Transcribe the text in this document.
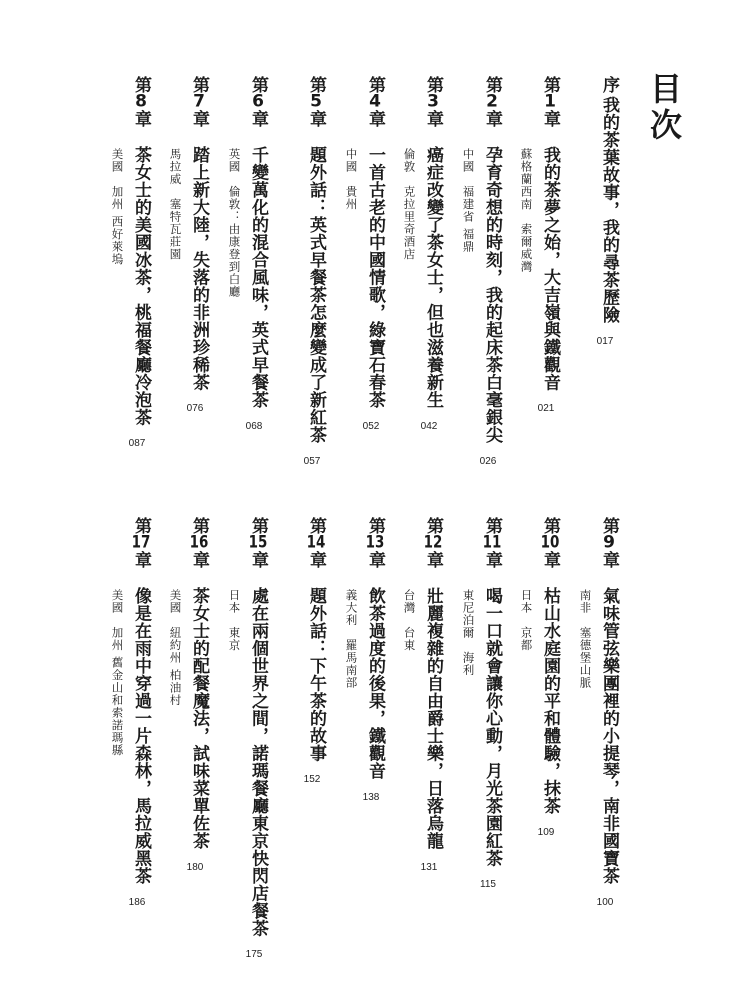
目次
序
我的茶葉故事，我的尋茶歷險
017
第1章
我的茶夢之始，大吉嶺與鐵觀音
蘇格蘭西南　索爾威灣
021
第2章
孕育奇想的時刻，我的起床茶白毫銀尖
中國　福建省 福鼎
026
第3章
癌症改變了茶女士，但也滋養新生
倫敦　克拉里奇酒店
042
第4章
一首古老的中國情歌，綠寶石春茶
中國　貴州
052
第5章
題外話：英式早餐茶怎麼變成了新紅茶
057
第6章
千變萬化的混合風味，英式早餐茶
英國　倫敦：由康登到白廳
068
第7章
踏上新大陸，失落的非洲珍稀茶
馬拉威　塞特瓦莊園
076
第8章
茶女士的美國冰茶，桃福餐廳冷泡茶
美國　加州 西好萊塢
087
第9章
氣味管弦樂團裡的小提琴，南非國寶茶
南非　塞德堡山脈
100
第10章
枯山水庭園的平和體驗，抹茶
日本　京都
109
第11章
喝一口就會讓你心動，月光茶園紅茶
東尼泊爾　海利
115
第12章
壯麗複雜的自由爵士樂，日落烏龍
台灣　台東
131
第13章
飲茶過度的後果，鐵觀音
義大利　羅馬南部
138
第14章
題外話：下午茶的故事
152
第15章
處在兩個世界之間，諾瑪餐廳東京快閃店餐茶
日本　東京
175
第16章
茶女士的配餐魔法，試味菜單佐茶
美國　紐約州 柏油村
180
第17章
像是在雨中穿過一片森林，馬拉威黑茶
美國　加州 舊金山和索諾瑪縣
186
